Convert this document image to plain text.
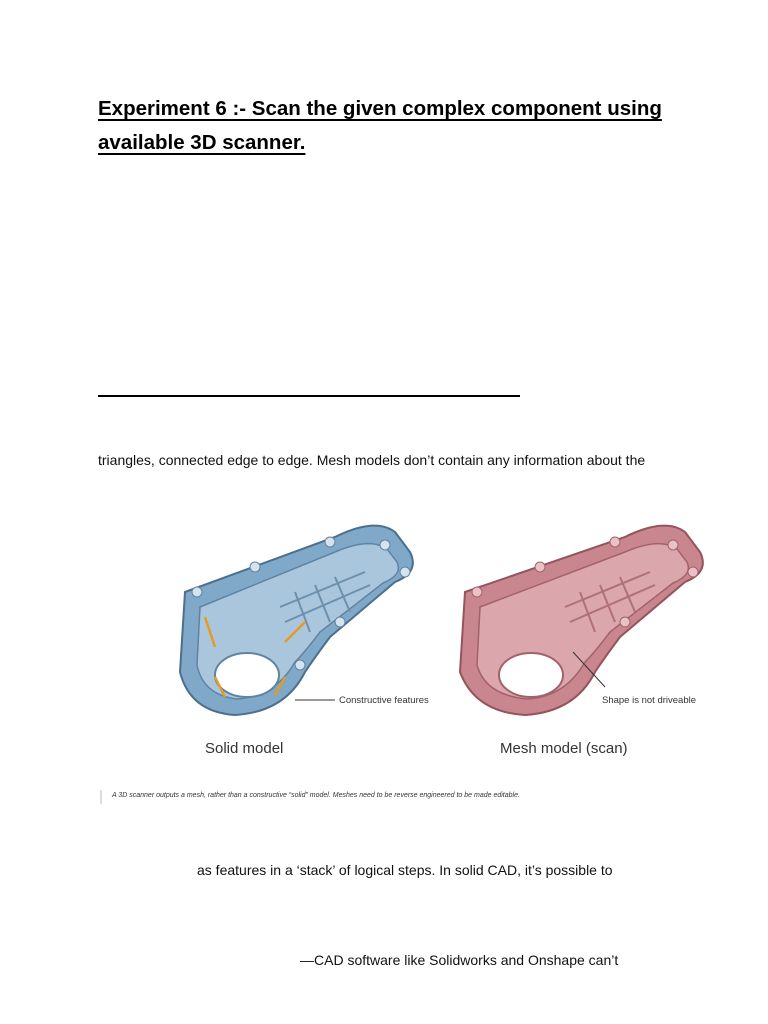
Experiment 6 :- Scan the given complex component using
available 3D scanner.
triangles, connected edge to edge. Mesh models don’t contain any information about the
Constructive features	Shape is not driveable
Solid model	Mesh model (scan)
A 3D scanner outputs a mesh, rather than a constructive “solid” model. Meshes need to be reverse engineered to be made editable.
as features in a ‘stack’ of logical steps. In solid CAD, it’s possible to
—CAD software like Solidworks and Onshape can’t
